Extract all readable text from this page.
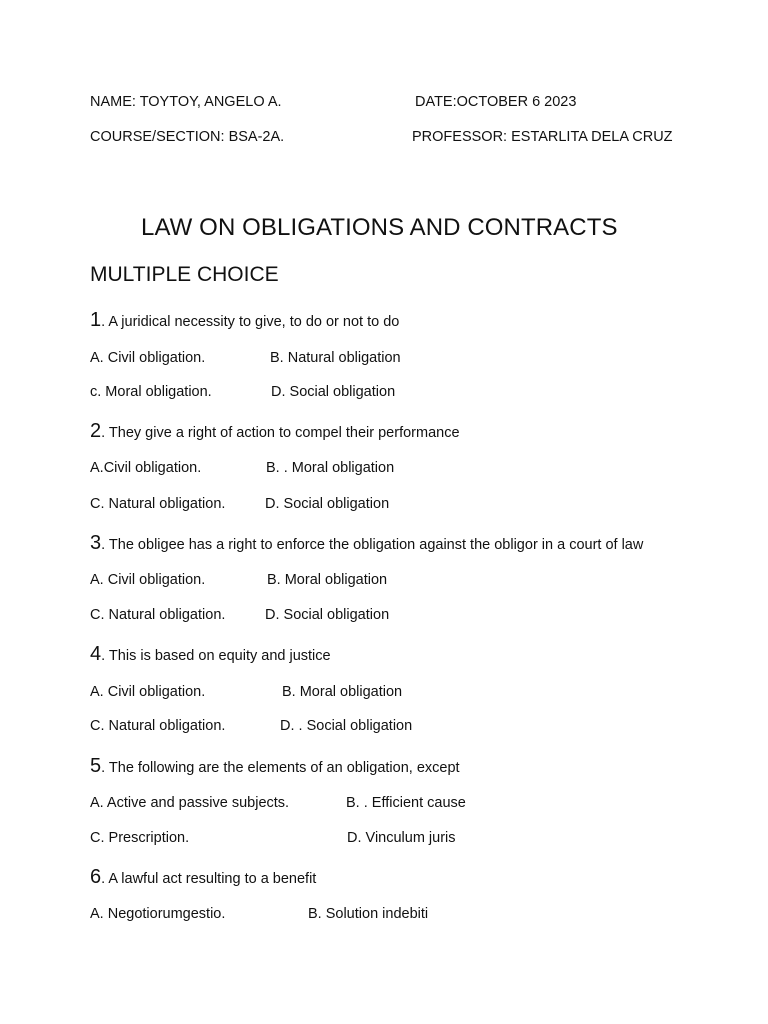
NAME: TOYTOY, ANGELO A.	DATE:OCTOBER 6 2023
COURSE/SECTION: BSA-2A.	PROFESSOR: ESTARLITA DELA CRUZ
LAW ON OBLIGATIONS AND CONTRACTS
MULTIPLE CHOICE
1. A juridical necessity to give, to do or not to do
A. Civil obligation.	B. Natural obligation
c. Moral obligation.	D. Social obligation
2. They give a right of action to compel their performance
A.Civil obligation.	B. . Moral obligation
C. Natural obligation.	D. Social obligation
3. The obligee has a right to enforce the obligation against the obligor in a court of law
A. Civil obligation.	B. Moral obligation
C. Natural obligation.	D. Social obligation
4. This is based on equity and justice
A. Civil obligation.	B. Moral obligation
C. Natural obligation.	D. . Social obligation
5. The following are the elements of an obligation, except
A. Active and passive subjects.	B. . Efficient cause
C. Prescription.	D. Vinculum juris
6. A lawful act resulting to a benefit
A. Negotiorumgestio.	B. Solution indebiti
